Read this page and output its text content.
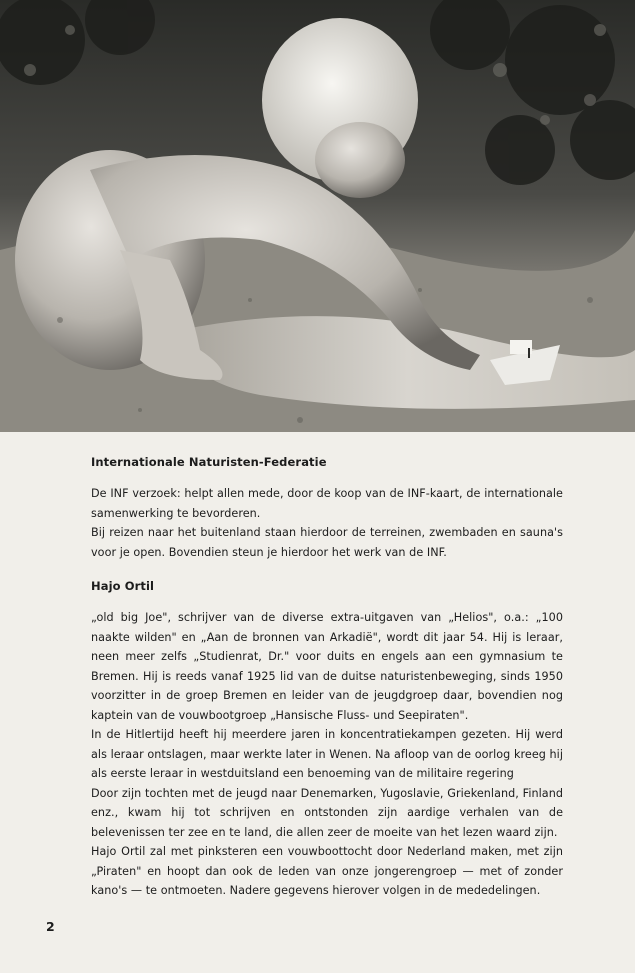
Internationale Naturisten-Federatie

De INF verzoek: helpt allen mede, door de koop van de INF-kaart, de internationale samenwerking te bevorderen.

Bij reizen naar het buitenland staan hierdoor de terreinen, zwembaden en sauna's voor je open. Bovendien steun je hierdoor het werk van de INF.

Hajo Ortil

„old big Joe", schrijver van de diverse extra-uitgaven van „Helios", o.a.: „100 naakte wilden" en „Aan de bronnen van Arkadië", wordt dit jaar 54. Hij is leraar, neen meer zelfs „Studienrat, Dr." voor duits en engels aan een gymnasium te Bremen. Hij is reeds vanaf 1925 lid van de duitse naturistenbeweging, sinds 1950 voorzitter in de groep Bremen en leider van de jeugdgroep daar, bovendien nog kaptein van de vouwbootgroep „Hansische Fluss- und Seepiraten".

In de Hitlertijd heeft hij meerdere jaren in koncentratiekampen gezeten. Hij werd als leraar ontslagen, maar werkte later in Wenen. Na afloop van de oorlog kreeg hij als eerste leraar in westduitsland een benoeming van de militaire regering

Door zijn tochten met de jeugd naar Denemarken, Yugoslavie, Griekenland, Finland enz., kwam hij tot schrijven en ontstonden zijn aardige verhalen van de belevenissen ter zee en te land, die allen zeer de moeite van het lezen waard zijn.

Hajo Ortil zal met pinksteren een vouwboottocht door Nederland maken, met zijn „Piraten" en hoopt dan ook de leden van onze jongerengroep — met of zonder kano's — te ontmoeten. Nadere gegevens hierover volgen in de mededelingen.

2
